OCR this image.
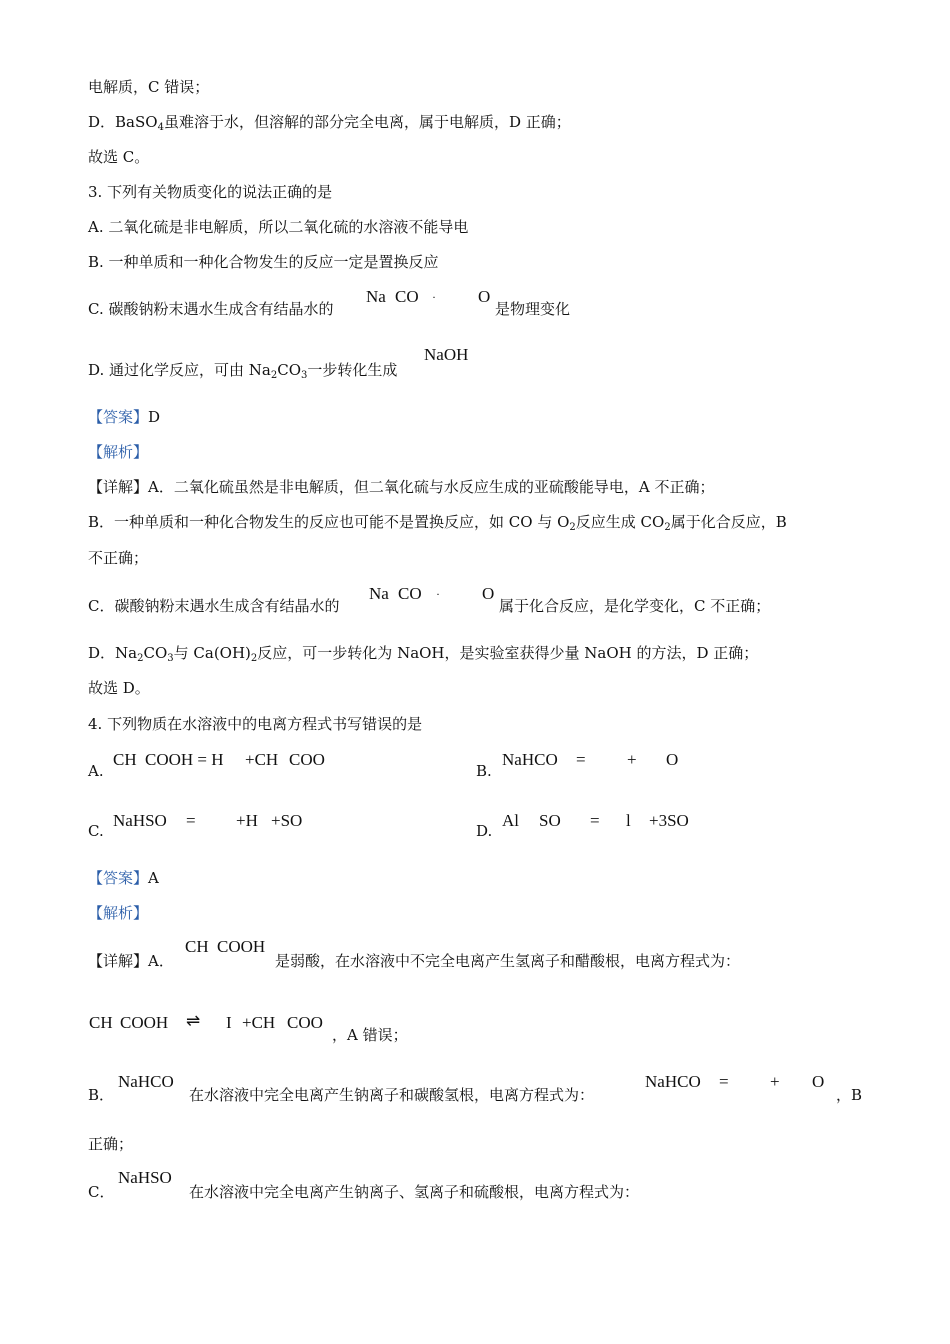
电解质，C 错误；
D．BaSO$_4$虽难溶于水，但溶解的部分完全电离，属于电解质，D 正确；
故选 C。
3. 下列有关物质变化的说法正确的是
A. 二氧化硫是非电解质，所以二氧化硫的水溶液不能导电
B. 一种单质和一种化合物发生的反应一定是置换反应
C. 碳酸钠粉末遇水生成含有结晶水的
Na CO · O
是物理变化
NaOH
D. 通过化学反应，可由 $Na_2CO_3$一步转化生成
【答案】D
【解析】
【详解】A．二氧化硫虽然是非电解质，但二氧化硫与水反应生成的亚硫酸能导电，A 不正确；
B．一种单质和一种化合物发生的反应也可能不是置换反应，如 CO 与 $O_2$反应生成 $CO_2$属于化合反应，B
不正确；
C．碳酸钠粉末遇水生成含有结晶水的
Na CO · O
属于化合反应，是化学变化，C 不正确；
D．$Na_2CO_3$与 $Ca(OH)_2$反应，可一步转化为 NaOH，是实验室获得少量 NaOH 的方法，D 正确；
故选 D。
4. 下列物质在水溶液中的电离方程式书写错误的是
A.
CH COOH = H +CH COO
B.
NaHCO = + O
C.
NaHSO = +H +SO
D.
Al SO = l +3SO
【答案】A
【解析】
【详解】A．
CH COOH
是弱酸，在水溶液中不完全电离产生氢离子和醋酸根，电离方程式为：
CH COOH ⇌ I +CH COO
，A 错误；
B．
NaHCO
在水溶液中完全电离产生钠离子和碳酸氢根，电离方程式为：
NaHCO = + O
，B
正确；
C．
NaHSO
在水溶液中完全电离产生钠离子、氢离子和硫酸根，电离方程式为：
